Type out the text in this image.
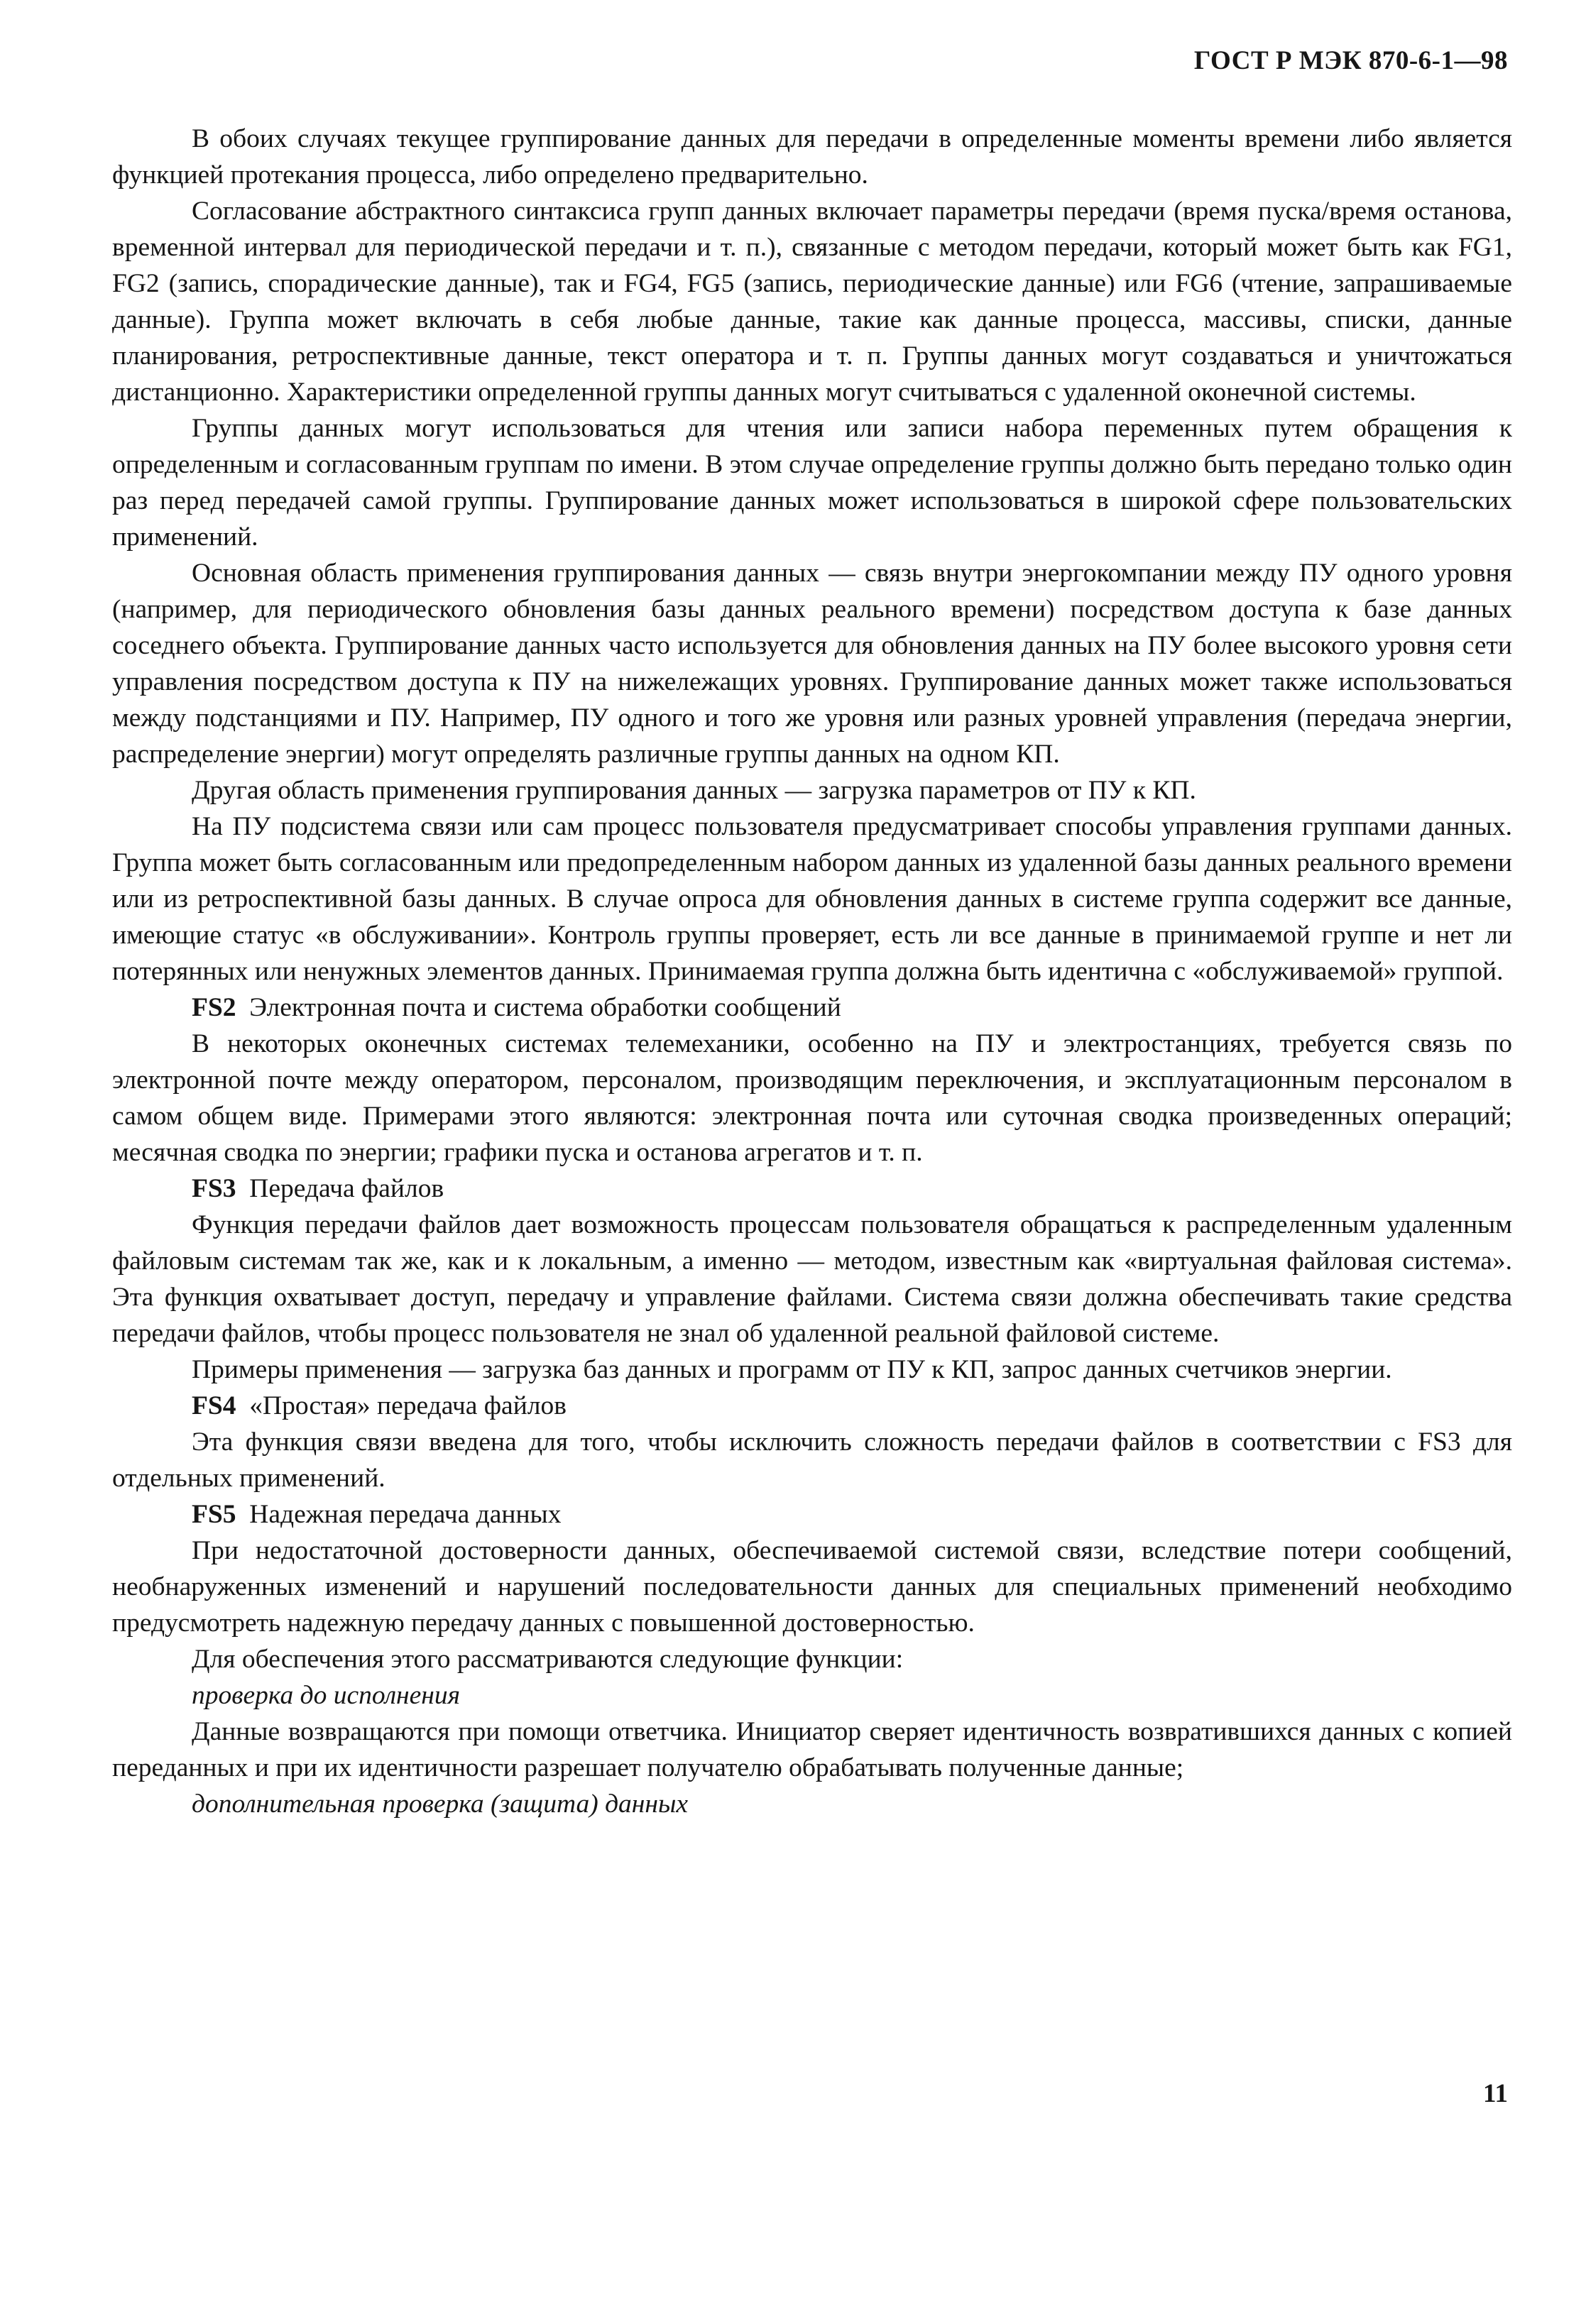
ГОСТ Р МЭК 870-6-1—98

В обоих случаях текущее группирование данных для передачи в определенные моменты времени либо является функцией протекания процесса, либо определено предварительно.

Согласование абстрактного синтаксиса групп данных включает параметры передачи (время пуска/время останова, временной интервал для периодической передачи и т. п.), связанные с методом передачи, который может быть как FG1, FG2 (запись, спорадические данные), так и FG4, FG5 (запись, периодические данные) или FG6 (чтение, запрашиваемые данные). Группа может включать в себя любые данные, такие как данные процесса, массивы, списки, данные планирования, ретроспективные данные, текст оператора и т. п. Группы данных могут создаваться и уничтожаться дистанционно. Характеристики определенной группы данных могут считываться с удаленной оконечной системы.

Группы данных могут использоваться для чтения или записи набора переменных путем обращения к определенным и согласованным группам по имени. В этом случае определение группы должно быть передано только один раз перед передачей самой группы. Группирование данных может использоваться в широкой сфере пользовательских применений.

Основная область применения группирования данных — связь внутри энергокомпании между ПУ одного уровня (например, для периодического обновления базы данных реального времени) посредством доступа к базе данных соседнего объекта. Группирование данных часто используется для обновления данных на ПУ более высокого уровня сети управления посредством доступа к ПУ на нижележащих уровнях. Группирование данных может также использоваться между подстанциями и ПУ. Например, ПУ одного и того же уровня или разных уровней управления (передача энергии, распределение энергии) могут определять различные группы данных на одном КП.

Другая область применения группирования данных — загрузка параметров от ПУ к КП.

На ПУ подсистема связи или сам процесс пользователя предусматривает способы управления группами данных. Группа может быть согласованным или предопределенным набором данных из удаленной базы данных реального времени или из ретроспективной базы данных. В случае опроса для обновления данных в системе группа содержит все данные, имеющие статус «в обслуживании». Контроль группы проверяет, есть ли все данные в принимаемой группе и нет ли потерянных или ненужных элементов данных. Принимаемая группа должна быть идентична с «обслуживаемой» группой.

FS2 Электронная почта и система обработки сообщений

В некоторых оконечных системах телемеханики, особенно на ПУ и электростанциях, требуется связь по электронной почте между оператором, персоналом, производящим переключения, и эксплуатационным персоналом в самом общем виде. Примерами этого являются: электронная почта или суточная сводка произведенных операций; месячная сводка по энергии; графики пуска и останова агрегатов и т. п.

FS3 Передача файлов

Функция передачи файлов дает возможность процессам пользователя обращаться к распределенным удаленным файловым системам так же, как и к локальным, а именно — методом, известным как «виртуальная файловая система». Эта функция охватывает доступ, передачу и управление файлами. Система связи должна обеспечивать такие средства передачи файлов, чтобы процесс пользователя не знал об удаленной реальной файловой системе.

Примеры применения — загрузка баз данных и программ от ПУ к КП, запрос данных счетчиков энергии.

FS4 «Простая» передача файлов

Эта функция связи введена для того, чтобы исключить сложность передачи файлов в соответствии с FS3 для отдельных применений.

FS5 Надежная передача данных

При недостаточной достоверности данных, обеспечиваемой системой связи, вследствие потери сообщений, необнаруженных изменений и нарушений последовательности данных для специальных применений необходимо предусмотреть надежную передачу данных с повышенной достоверностью.

Для обеспечения этого рассматриваются следующие функции:

проверка до исполнения

Данные возвращаются при помощи ответчика. Инициатор сверяет идентичность возвратившихся данных с копией переданных и при их идентичности разрешает получателю обрабатывать полученные данные;

дополнительная проверка (защита) данных

11
